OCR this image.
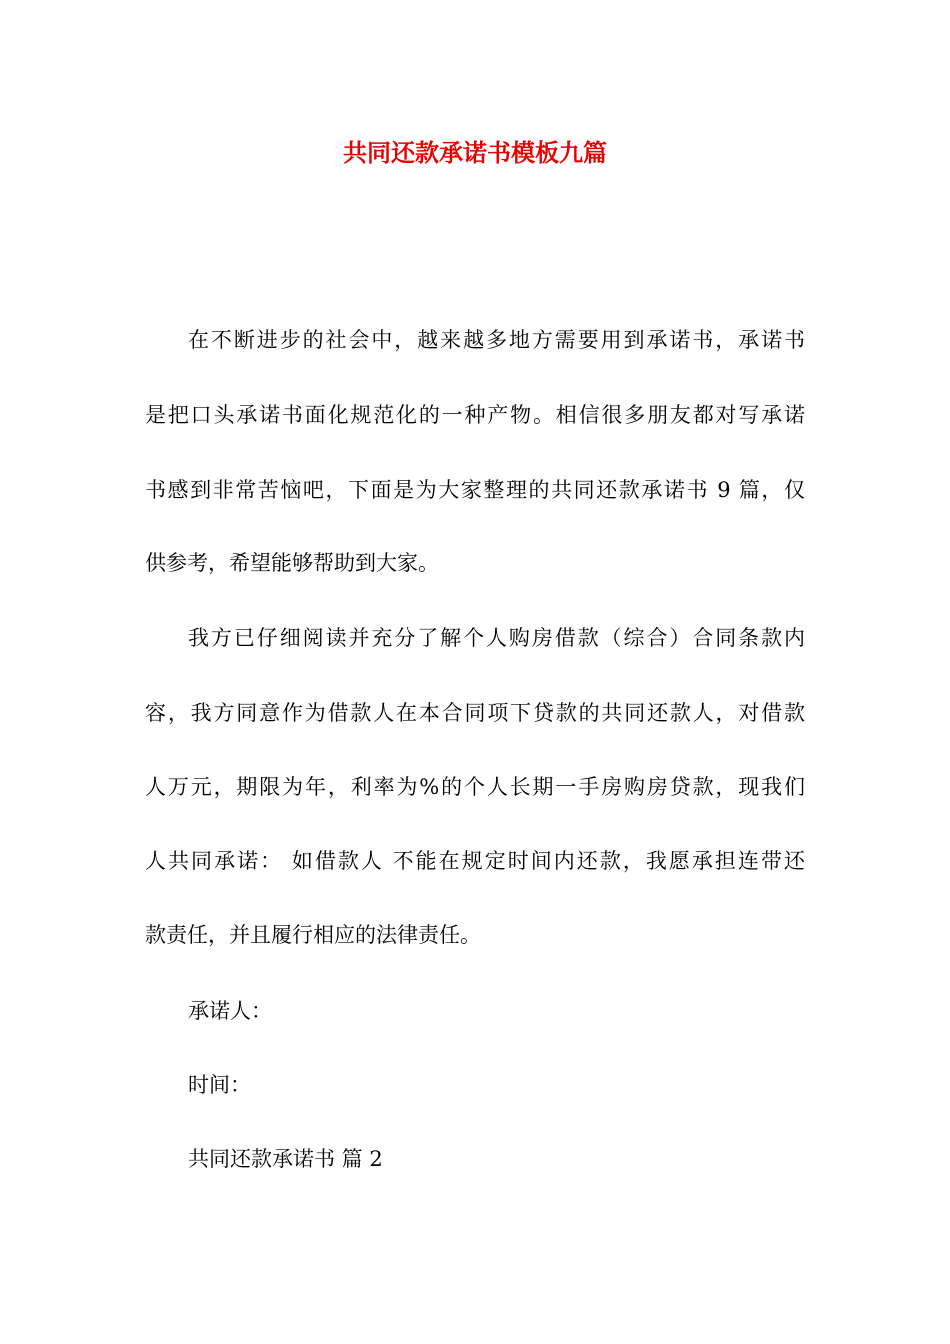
共同还款承诺书模板九篇
在不断进步的社会中，越来越多地方需要用到承诺书，承诺书
是把口头承诺书面化规范化的一种产物。相信很多朋友都对写承诺
书感到非常苦恼吧，下面是为大家整理的共同还款承诺书 9 篇，仅
供参考，希望能够帮助到大家。
我方已仔细阅读并充分了解个人购房借款（综合）合同条款内
容，我方同意作为借款人在本合同项下贷款的共同还款人，对借款
人万元，期限为年，利率为%的个人长期一手房购房贷款，现我们
人共同承诺： 如借款人 不能在规定时间内还款，我愿承担连带还
款责任，并且履行相应的法律责任。
承诺人：
时间：
共同还款承诺书 篇 2
